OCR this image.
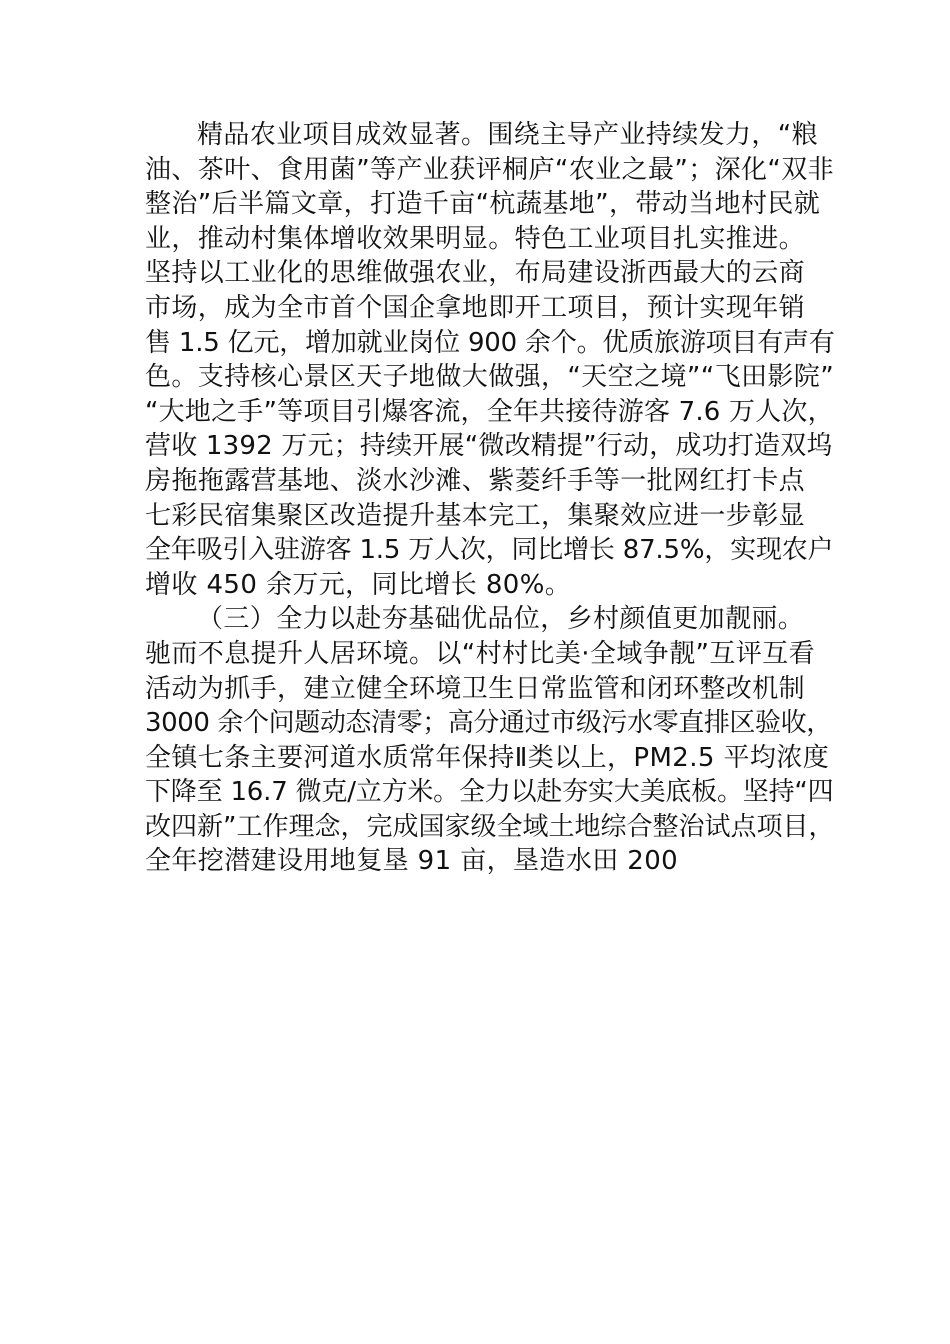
精品农业项目成效显著。围绕主导产业持续发力，“粮
油、茶叶、食用菌”等产业获评桐庐“农业之最”；深化“双非
整治”后半篇文章，打造千亩“杭蔬基地”，带动当地村民就
业，推动村集体增收效果明显。特色工业项目扎实推进。
坚持以工业化的思维做强农业，布局建设浙西最大的云商
市场，成为全市首个国企拿地即开工项目，预计实现年销
售 1.5 亿元，增加就业岗位 900 余个。优质旅游项目有声有
色。支持核心景区天子地做大做强，“天空之境”“飞田影院”
“大地之手”等项目引爆客流，全年共接待游客 7.6 万人次，
营收 1392 万元；持续开展“微改精提”行动，成功打造双坞
房拖拖露营基地、淡水沙滩、紫菱纤手等一批网红打卡点
七彩民宿集聚区改造提升基本完工，集聚效应进一步彰显
全年吸引入驻游客 1.5 万人次，同比增长 87.5%，实现农户
增收 450 余万元，同比增长 80%。
（三）全力以赴夯基础优品位，乡村颜值更加靓丽。
驰而不息提升人居环境。以“村村比美·全域争靓”互评互看
活动为抓手，建立健全环境卫生日常监管和闭环整改机制
3000 余个问题动态清零；高分通过市级污水零直排区验收，
全镇七条主要河道水质常年保持Ⅱ类以上，PM2.5 平均浓度
下降至 16.7 微克/立方米。全力以赴夯实大美底板。坚持“四
改四新”工作理念，完成国家级全域土地综合整治试点项目，
全年挖潜建设用地复垦 91 亩，垦造水田 200
